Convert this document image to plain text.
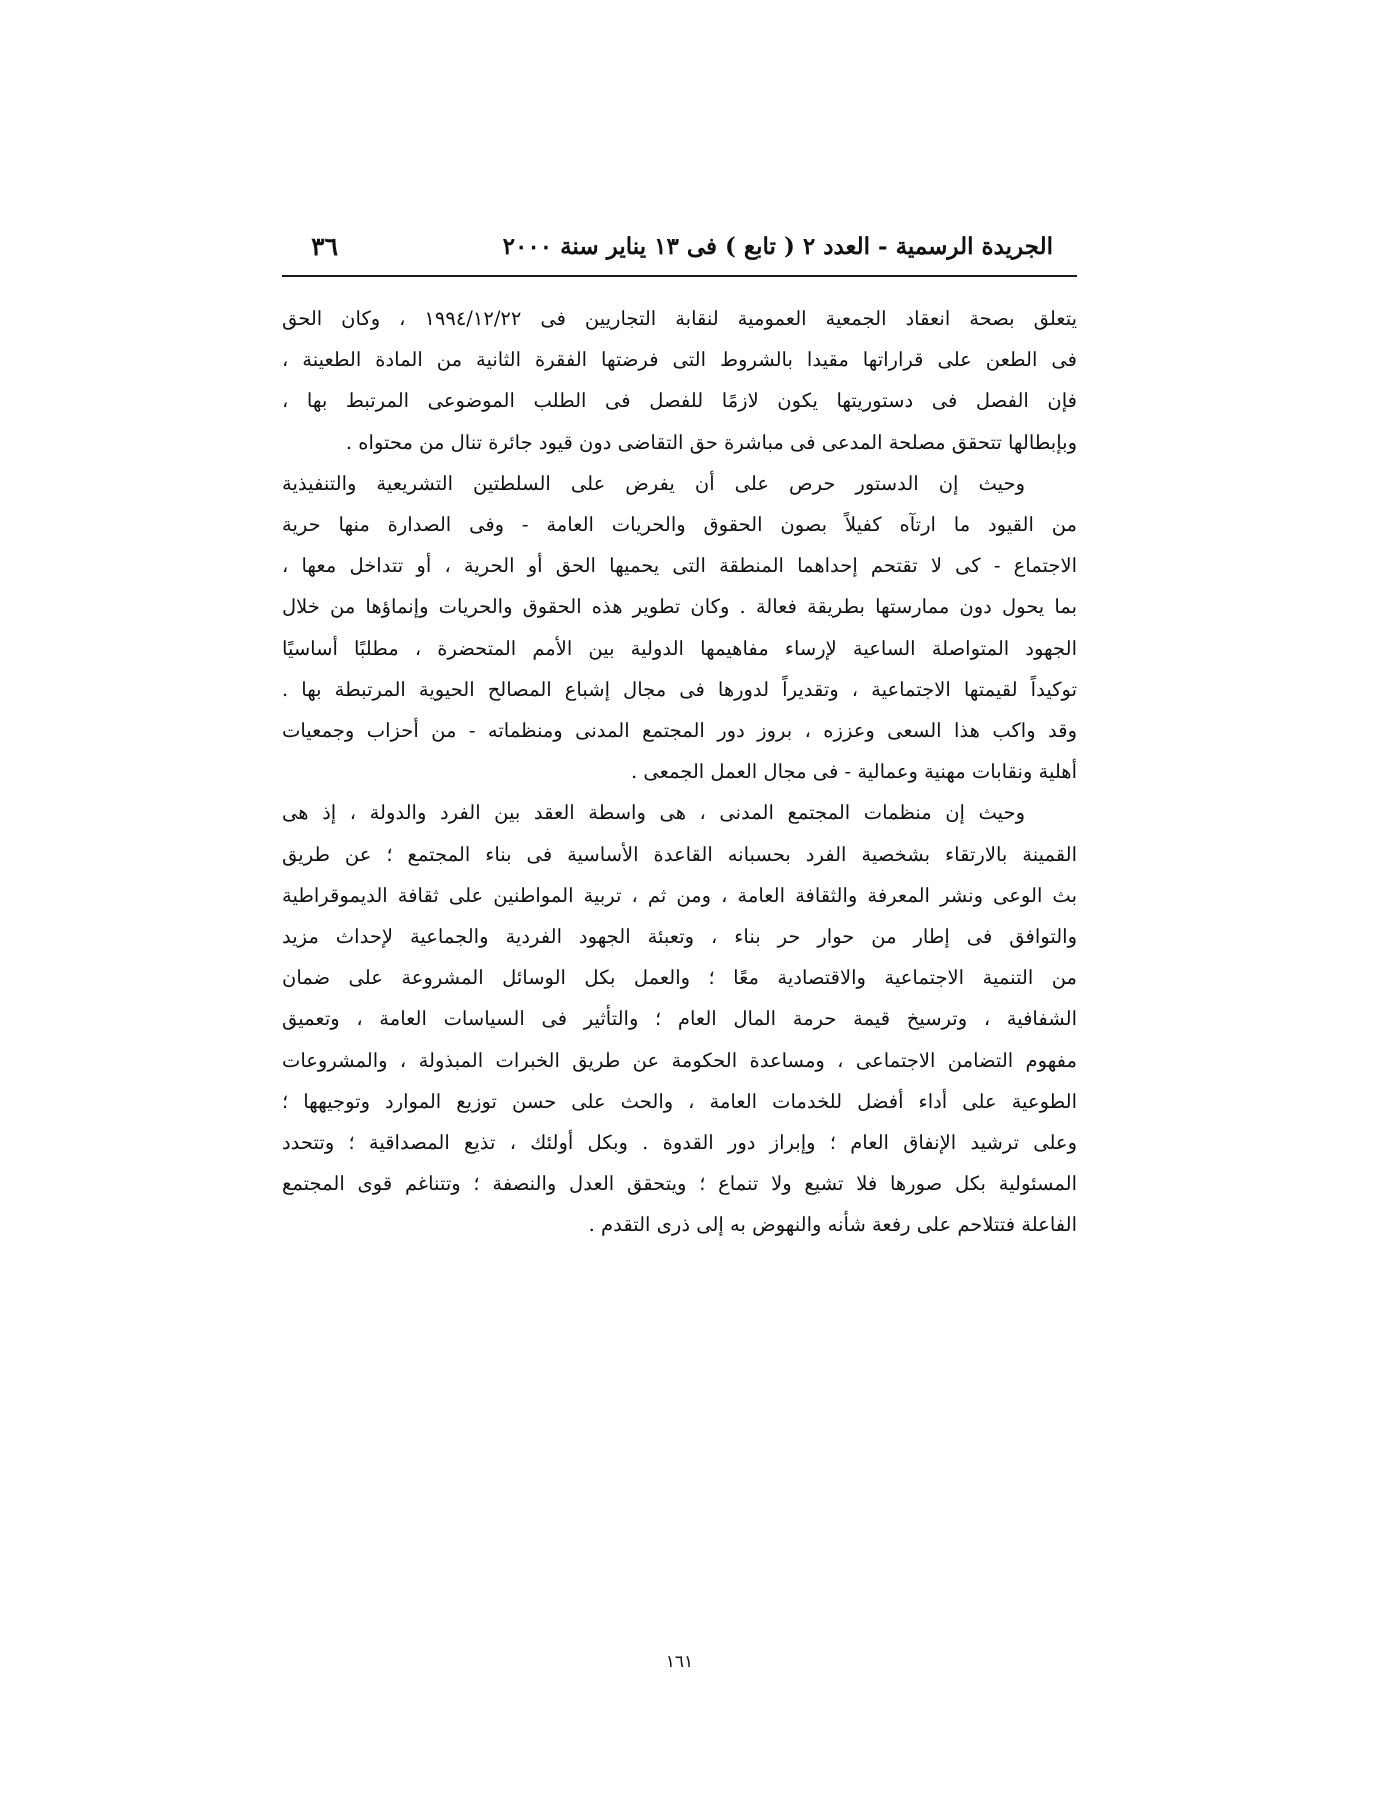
الجريدة الرسمية - العدد ٢ ( تابع ) فى ١٣ يناير سنة ٢٠٠٠
٣٦

يتعلق بصحة انعقاد الجمعية العمومية لنقابة التجاريين فى ١٩٩٤/١٢/٢٢ ، وكان الحق
فى الطعن على قراراتها مقيدا بالشروط التى فرضتها الفقرة الثانية من المادة الطعينة ،
فإن الفصل فى دستوريتها يكون لازمًا للفصل فى الطلب الموضوعى المرتبط بها ،
وبإبطالها تتحقق مصلحة المدعى فى مباشرة حق التقاضى دون قيود جائرة تنال من محتواه .

وحيث إن الدستور حرص على أن يفرض على السلطتين التشريعية والتنفيذية
من القيود ما ارتآه كفيلاً بصون الحقوق والحريات العامة - وفى الصدارة منها حرية
الاجتماع - كى لا تقتحم إحداهما المنطقة التى يحميها الحق أو الحرية ، أو تتداخل معها ،
بما يحول دون ممارستها بطريقة فعالة . وكان تطوير هذه الحقوق والحريات وإنماؤها من خلال
الجهود المتواصلة الساعية لإرساء مفاهيمها الدولية بين الأمم المتحضرة ، مطلبًا أساسيًا
توكيداً لقيمتها الاجتماعية ، وتقديراً لدورها فى مجال إشباع المصالح الحيوية المرتبطة بها .
وقد واكب هذا السعى وعززه ، بروز دور المجتمع المدنى ومنظماته - من أحزاب وجمعيات
أهلية ونقابات مهنية وعمالية - فى مجال العمل الجمعى .

وحيث إن منظمات المجتمع المدنى ، هى واسطة العقد بين الفرد والدولة ، إذ هى
القمينة بالارتقاء بشخصية الفرد بحسبانه القاعدة الأساسية فى بناء المجتمع ؛ عن طريق
بث الوعى ونشر المعرفة والثقافة العامة ، ومن ثم ، تربية المواطنين على ثقافة الديموقراطية
والتوافق فى إطار من حوار حر بناء ، وتعبئة الجهود الفردية والجماعية لإحداث مزيد
من التنمية الاجتماعية والاقتصادية معًا ؛ والعمل بكل الوسائل المشروعة على ضمان
الشفافية ، وترسيخ قيمة حرمة المال العام ؛ والتأثير فى السياسات العامة ، وتعميق
مفهوم التضامن الاجتماعى ، ومساعدة الحكومة عن طريق الخبرات المبذولة ، والمشروعات
الطوعية على أداء أفضل للخدمات العامة ، والحث على حسن توزيع الموارد وتوجيهها ؛
وعلى ترشيد الإنفاق العام ؛ وإبراز دور القدوة . وبكل أولئك ، تذيع المصداقية ؛ وتتحدد
المسئولية بكل صورها فلا تشيع ولا تنماع ؛ ويتحقق العدل والنصفة ؛ وتتناغم قوى المجتمع
الفاعلة فتتلاحم على رفعة شأنه والنهوض به إلى ذرى التقدم .

١٦١
